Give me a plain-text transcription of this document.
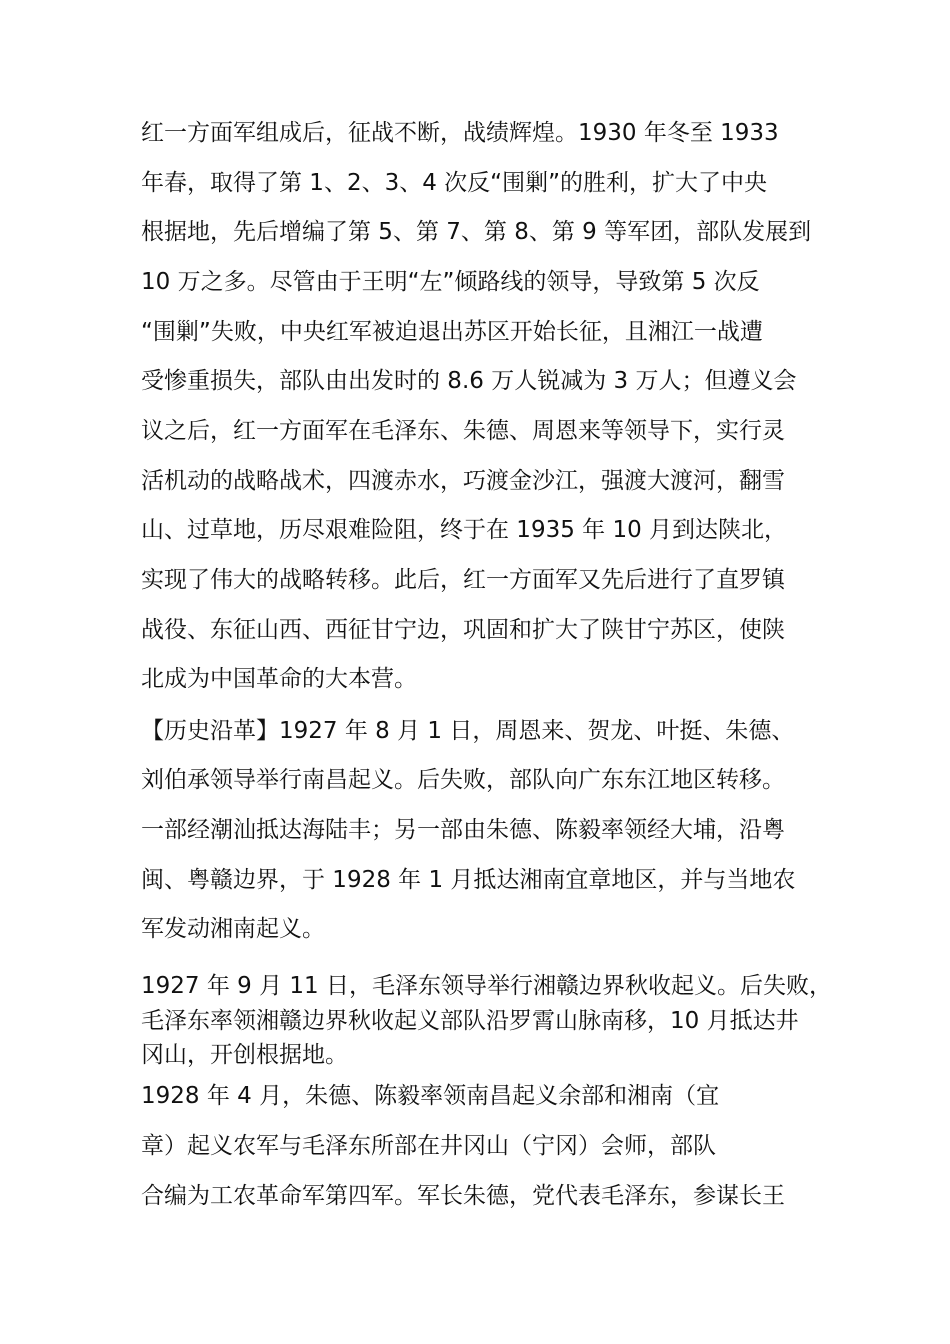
红一方面军组成后，征战不断，战绩辉煌。1930 年冬至 1933
年春，取得了第 1、2、3、4 次反“围剿”的胜利，扩大了中央
根据地，先后增编了第 5、第 7、第 8、第 9 等军团，部队发展到
10 万之多。尽管由于王明“左”倾路线的领导，导致第 5 次反
“围剿”失败，中央红军被迫退出苏区开始长征，且湘江一战遭
受惨重损失，部队由出发时的 8.6 万人锐减为 3 万人；但遵义会
议之后，红一方面军在毛泽东、朱德、周恩来等领导下，实行灵
活机动的战略战术，四渡赤水，巧渡金沙江，强渡大渡河，翻雪
山、过草地，历尽艰难险阻，终于在 1935 年 10 月到达陕北，
实现了伟大的战略转移。此后，红一方面军又先后进行了直罗镇
战役、东征山西、西征甘宁边，巩固和扩大了陕甘宁苏区，使陕
北成为中国革命的大本营。
【历史沿革】1927 年 8 月 1 日，周恩来、贺龙、叶挺、朱德、
刘伯承领导举行南昌起义。后失败，部队向广东东江地区转移。
一部经潮汕抵达海陆丰；另一部由朱德、陈毅率领经大埔，沿粤
闽、粤赣边界，于 1928 年 1 月抵达湘南宜章地区，并与当地农
军发动湘南起义。
1927 年 9 月 11 日，毛泽东领导举行湘赣边界秋收起义。后失败，
毛泽东率领湘赣边界秋收起义部队沿罗霄山脉南移，10 月抵达井
冈山，开创根据地。
1928 年 4 月，朱德、陈毅率领南昌起义余部和湘南（宜
章）起义农军与毛泽东所部在井冈山（宁冈）会师，部队
合编为工农革命军第四军。军长朱德，党代表毛泽东，参谋长王
